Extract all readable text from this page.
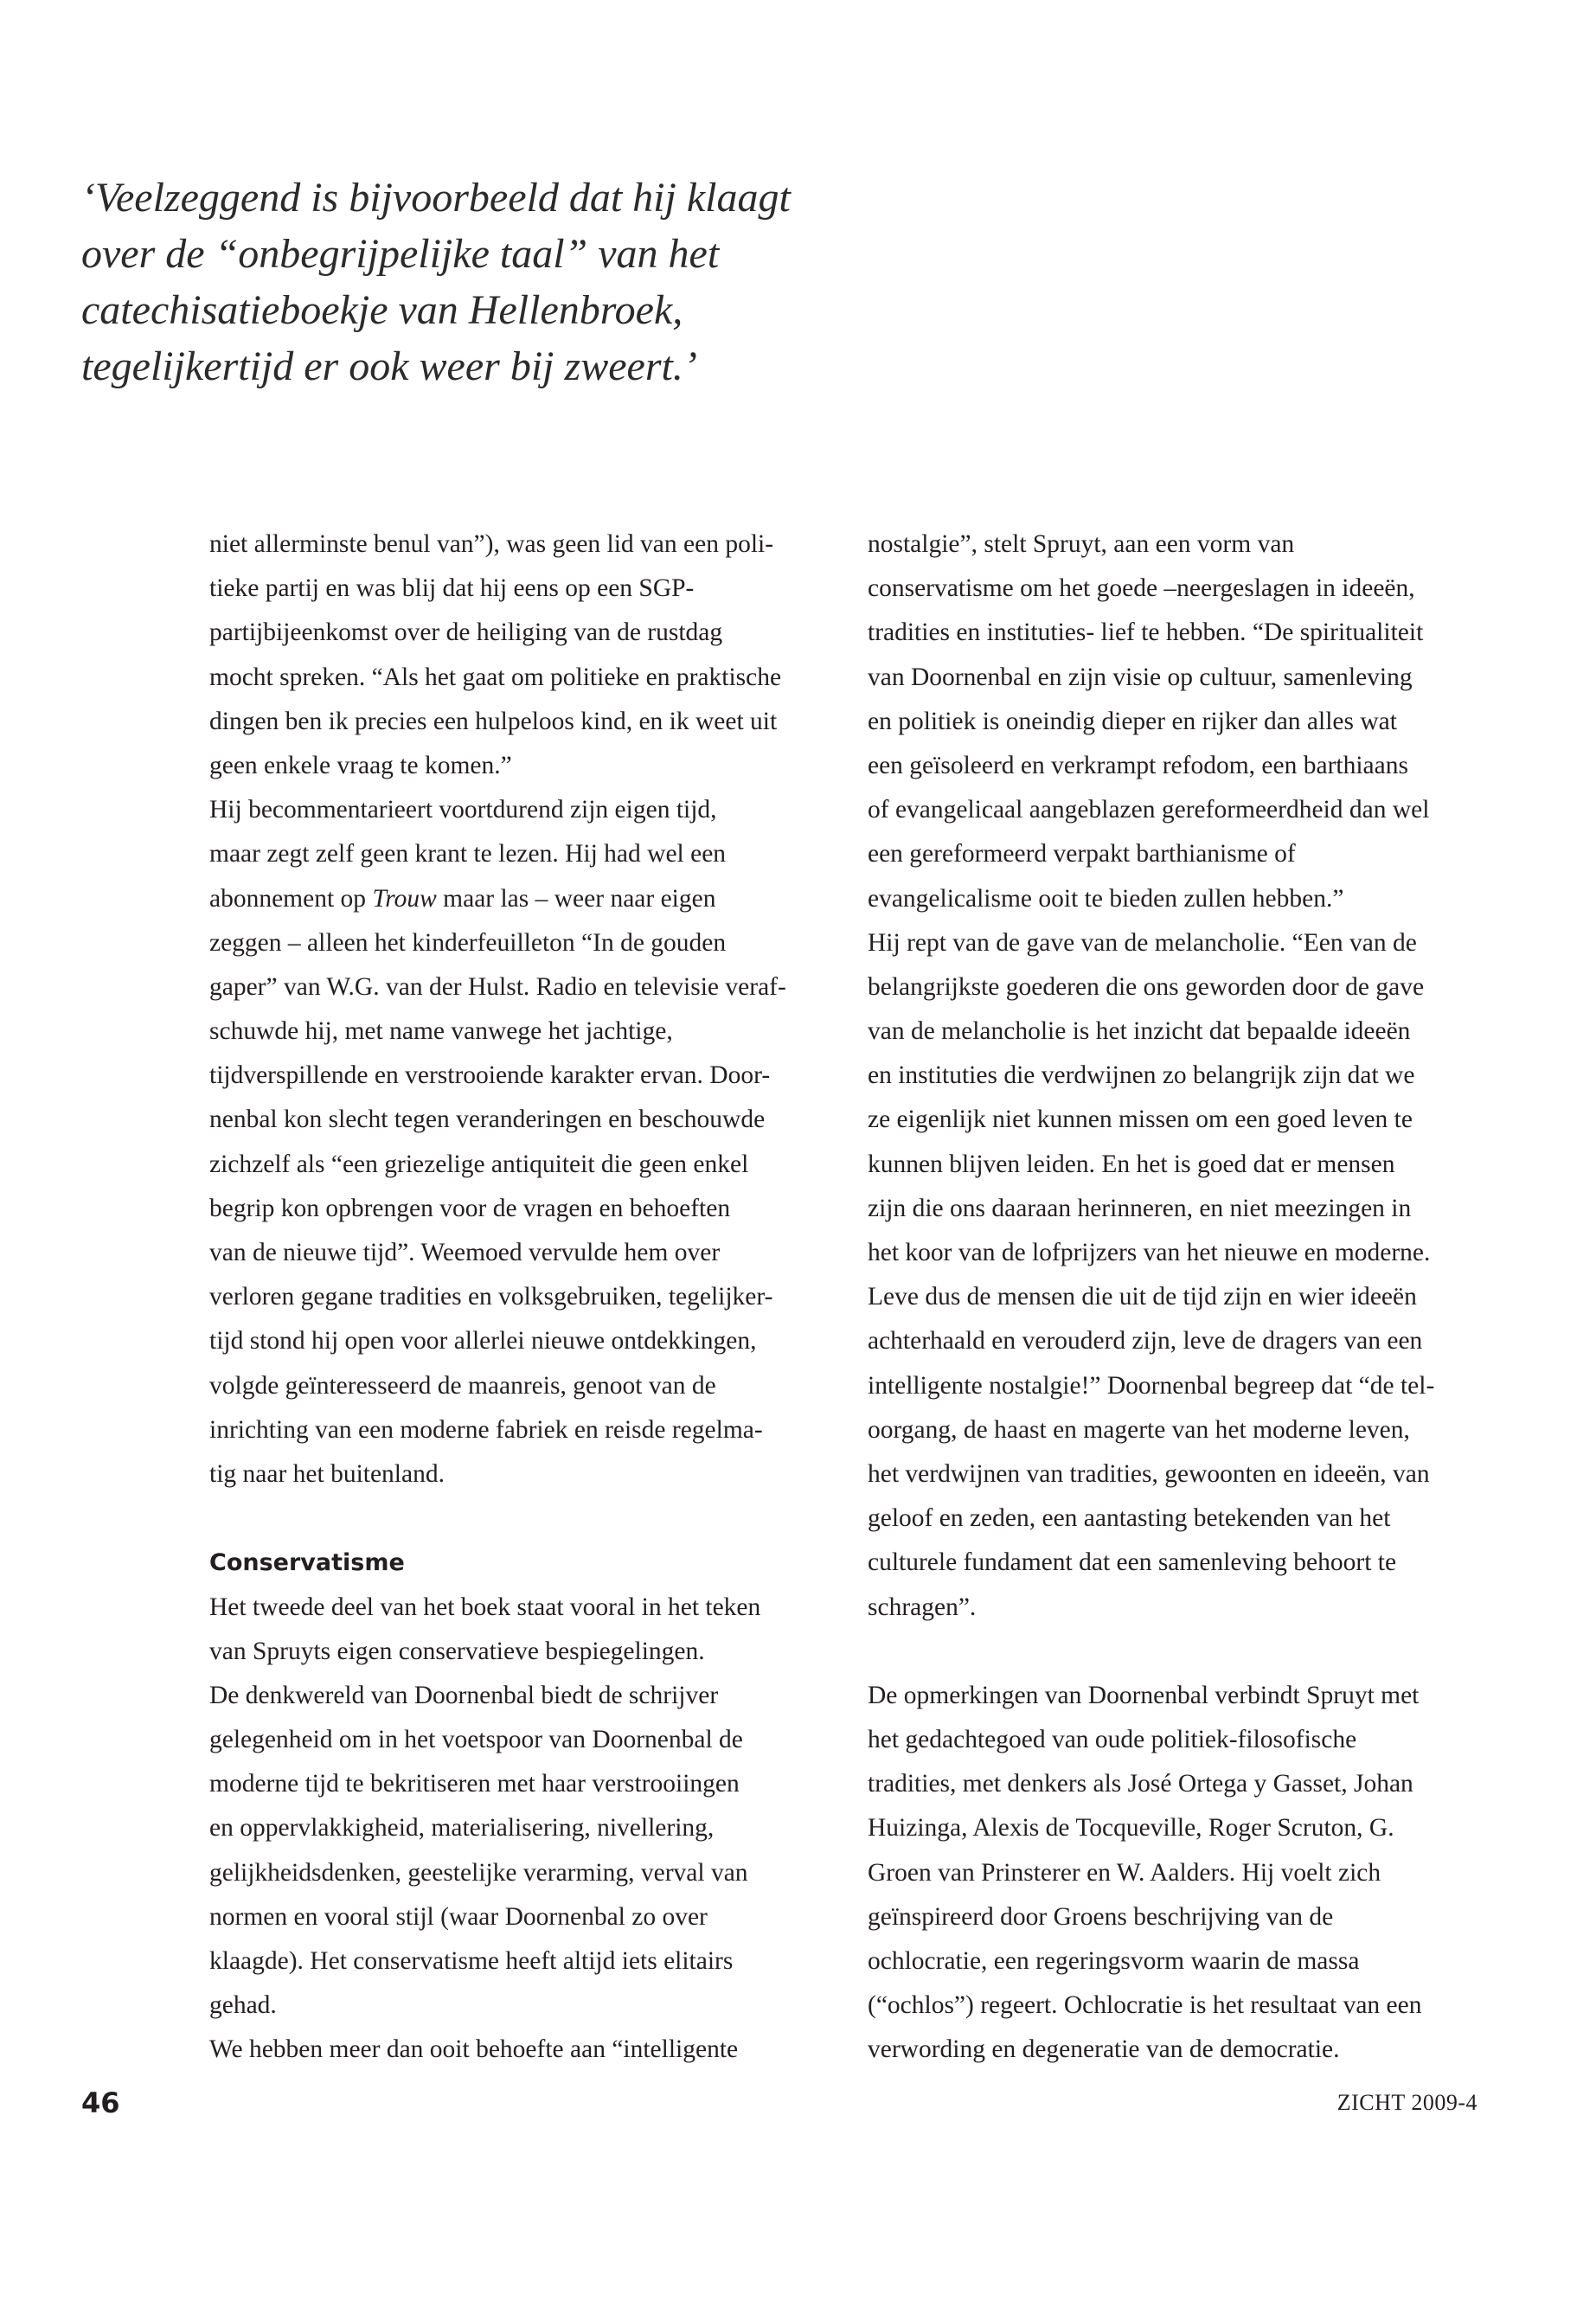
‘Veelzeggend is bijvoorbeeld dat hij klaagt
over de “onbegrijpelijke taal” van het
catechisatieboekje van Hellenbroek,
tegelijkertijd er ook weer bij zweert.’
niet allerminste benul van”), was geen lid van een poli-
tieke partij en was blij dat hij eens op een SGP-
partijbijeenkomst over de heiliging van de rustdag
mocht spreken. “Als het gaat om politieke en praktische
dingen ben ik precies een hulpeloos kind, en ik weet uit
geen enkele vraag te komen.”
Hij becommentarieert voortdurend zijn eigen tijd,
maar zegt zelf geen krant te lezen. Hij had wel een
abonnement op Trouw maar las – weer naar eigen
zeggen – alleen het kinderfeuilleton “In de gouden
gaper” van W.G. van der Hulst. Radio en televisie veraf-
schuwde hij, met name vanwege het jachtige,
tijdverspillende en verstrooiende karakter ervan. Door-
nenbal kon slecht tegen veranderingen en beschouwde
zichzelf als “een griezelige antiquiteit die geen enkel
begrip kon opbrengen voor de vragen en behoeften
van de nieuwe tijd”. Weemoed vervulde hem over
verloren gegane tradities en volksgebruiken, tegelijker-
tijd stond hij open voor allerlei nieuwe ontdekkingen,
volgde geïnteresseerd de maanreis, genoot van de
inrichting van een moderne fabriek en reisde regelma-
tig naar het buitenland.
Conservatisme
Het tweede deel van het boek staat vooral in het teken
van Spruyts eigen conservatieve bespiegelingen.
De denkwereld van Doornenbal biedt de schrijver
gelegenheid om in het voetspoor van Doornenbal de
moderne tijd te bekritiseren met haar verstrooiingen
en oppervlakkigheid, materialisering, nivellering,
gelijkheidsdenken, geestelijke verarming, verval van
normen en vooral stijl (waar Doornenbal zo over
klaagde). Het conservatisme heeft altijd iets elitairs
gehad.
We hebben meer dan ooit behoefte aan “intelligente
nostalgie”, stelt Spruyt, aan een vorm van
conservatisme om het goede –neergeslagen in ideeën,
tradities en instituties- lief te hebben. “De spiritualiteit
van Doornenbal en zijn visie op cultuur, samenleving
en politiek is oneindig dieper en rijker dan alles wat
een geïsoleerd en verkrampt refodom, een barthiaans
of evangelicaal aangeblazen gereformeerdheid dan wel
een gereformeerd verpakt barthianisme of
evangelicalisme ooit te bieden zullen hebben.”
Hij rept van de gave van de melancholie. “Een van de
belangrijkste goederen die ons geworden door de gave
van de melancholie is het inzicht dat bepaalde ideeën
en instituties die verdwijnen zo belangrijk zijn dat we
ze eigenlijk niet kunnen missen om een goed leven te
kunnen blijven leiden. En het is goed dat er mensen
zijn die ons daaraan herinneren, en niet meezingen in
het koor van de lofprijzers van het nieuwe en moderne.
Leve dus de mensen die uit de tijd zijn en wier ideeën
achterhaald en verouderd zijn, leve de dragers van een
intelligente nostalgie!” Doornenbal begreep dat “de tel-
oorgang, de haast en magerte van het moderne leven,
het verdwijnen van tradities, gewoonten en ideeën, van
geloof en zeden, een aantasting betekenden van het
culturele fundament dat een samenleving behoort te
schragen”.
De opmerkingen van Doornenbal verbindt Spruyt met
het gedachtegoed van oude politiek-filosofische
tradities, met denkers als José Ortega y Gasset, Johan
Huizinga, Alexis de Tocqueville, Roger Scruton, G.
Groen van Prinsterer en W. Aalders. Hij voelt zich
geïnspireerd door Groens beschrijving van de
ochlocratie, een regeringsvorm waarin de massa
(“ochlos”) regeert. Ochlocratie is het resultaat van een
verwording en degeneratie van de democratie.
46	ZICHT 2009-4
